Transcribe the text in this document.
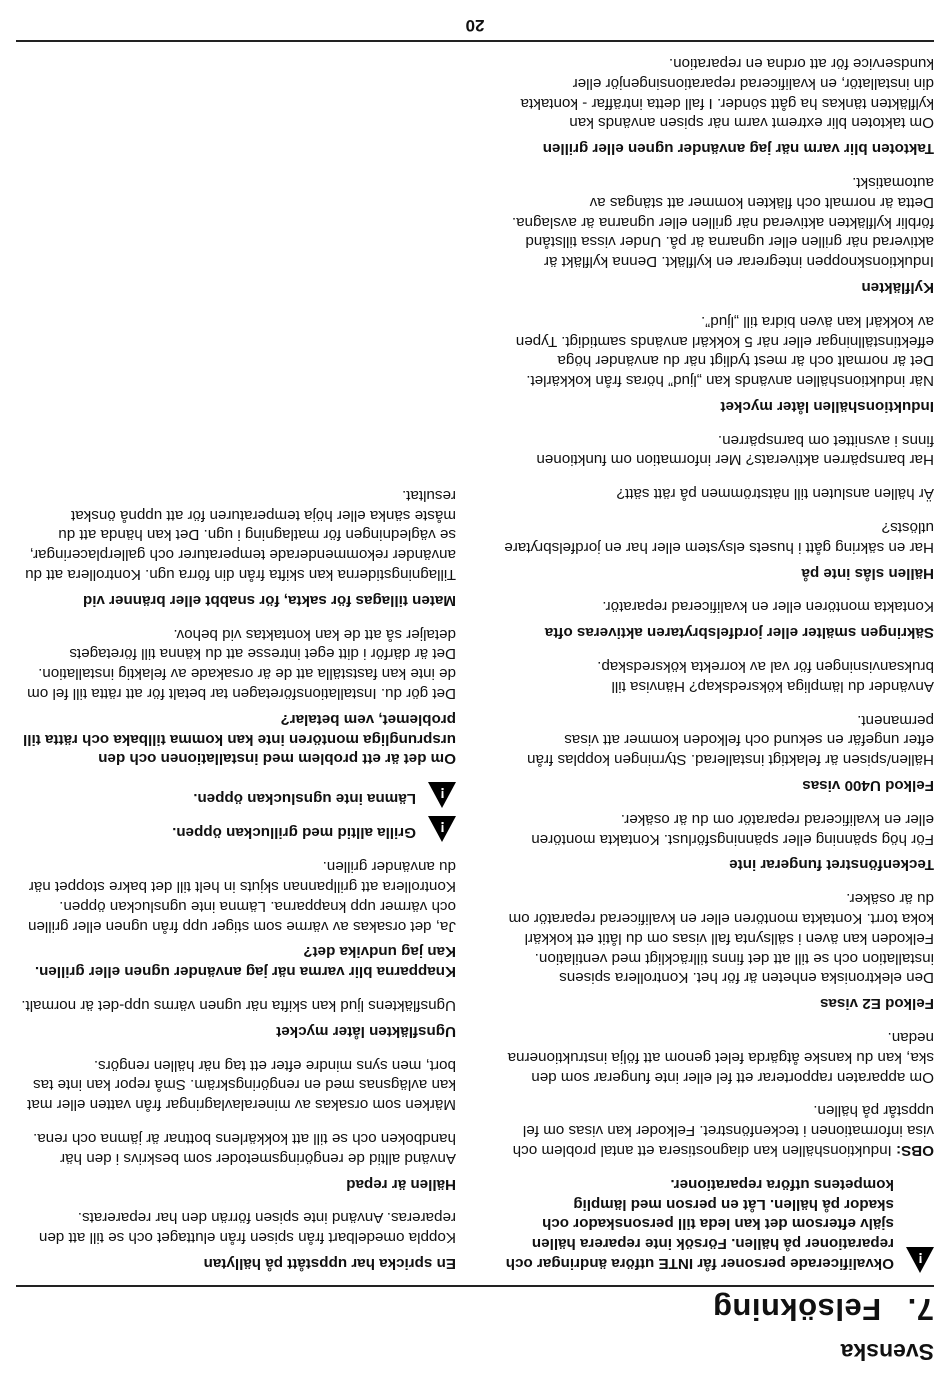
Svenska
7.Felsökning
!
Okvalificerade personer får INTE utföra ändringar och reparationer på hällen. Försök inte reparera hällen själv eftersom det kan leda till personskador och skador på hällen. Låt en person med lämplig kompetens utföra reparationer.
OBS: Induktionshällen kan diagnostisera ett antal problem och visa informationen i teckenfönstret. Felkoder kan visas om fel uppstår på hällen.

Om apparaten rapporterar ett fel eller inte fungerar som den ska, kan du kanske åtgärda felet genom att följa instruktionerna nedan.

Felkod E2 visas

Den elektroniska enheten är för het. Kontrollera spisens installation och se till att det finns tillräckligt med ventilation. Felkoden kan även i sällsynta fall visas om du låtit ett kokkärl koka torrt. Kontakta montören eller en kvalificerad reparatör om du är osäker.

Teckenfönstret fungerar inte

För hög spänning eller spänningsförlust. Kontakta montören eller en kvalificerad reparatör om du är osäker.

Felkod U400 visas

Hällen/spisen är felaktigt installerad. Styrningen kopplas från efter ungefär en sekund och felkoden kommer att visas permanent.

Använder du lämpliga köksredskap? Hänvisa till bruksanvisningen för val av korrekta köksredskap.

Säkringen smälter eller jordfelsbrytaren aktiveras ofta

Kontakta montören eller en kvalificerad reparatör.

Hällen slås inte på

Har en säkring gått i husets elsystem eller har en jordfelsbrytare utlösts?

Är hällen ansluten till nätströmmen på rätt sätt?

Har barnspärren aktiverats? Mer information om funktionen finns i avsnittet om barnspärren.

Induktionshällen låter mycket

När induktionshällen används kan „ljud” höras från kokkärlet. Det är normalt och är mest tydligt när du använder höga effektinställningar eller när 5 kokkärl används samtidigt. Typen av kokkärl kan även bidra till „ljud”.

Kylfläkten

Induktionsknoppen integrerar en kylfläkt. Denna kylfläkt är aktiverad när grillen eller ugnarna är på. Under vissa tillstånd förblir kylfläkten aktiverad när grillen eller ugnarna är avslagna. Detta är normalt och fläkten kommer att stängas av automatiskt.

Taktoten blir varm när jag använder ugnen eller grillen

Om taktoten blir extremt varm när spisen används kan kylfläkten tänkas ha gått sönder. I fall detta inträffar - kontakta din installatör, en kvalificerad reparationsingenjör eller kundservice för att ordna en reparation.

En spricka har uppstått på hällytan

Koppla omedelbart från spisen från eluttaget och se till att den repareras. Använd inte spisen förrän den har reparerats.

Hällen är repad

Använd alltid de rengöringsmetoder som beskrivs i den här handboken och se till att kokkärlens bottnar är jämna och rena.

Märken som orsakas av mineralavlagringar från vatten eller mat kan avlägsnas med en rengöringskräm. Små repor kan inte tas bort, men syns mindre efter ett tag när hällen rengörs.

Ugnsfläkten låter mycket

Ugnsfläktens ljud kan skifta när ugnen värms upp-det är normalt.

Knapparna blir varma när jag använder ugnen eller grillen. Kan jag undvika det?

Ja, det orsakas av värme som stiger upp från ugnen eller grillen och värmer upp knapparna. Lämna inte ugnsluckan öppen. Kontrollera att grillpannan skjuts in helt till det bakre stoppet när du använder grillen.

!
Grilla alltid med grilluckan öppen.
!
Lämna inte ugnsluckan öppen.
Om det är ett problem med installationen och den ursprungliga montören inte kan komma tillbaka och rätta till problemet, vem betalar?

Det gör du. Installationsföretagen tar betalt för att rätta till fel om de inte kan fastställa att de är orsakade av felaktig installation. Det är därför i ditt eget intresse att du känna till företagets detaljer så att de kan kontaktas vid behov.

Maten tillagas för sakta, för snabbt eller bränner vid

Tillagningstiderna kan skifta från din förra ugn. Kontrollera att du använder rekommenderade temperaturer och gallerplaceringar, se vägledningen för matlagning i ugn. Det kan hända att du måste sänka eller höja temperaturen för att uppnå önskat resultat.

20
